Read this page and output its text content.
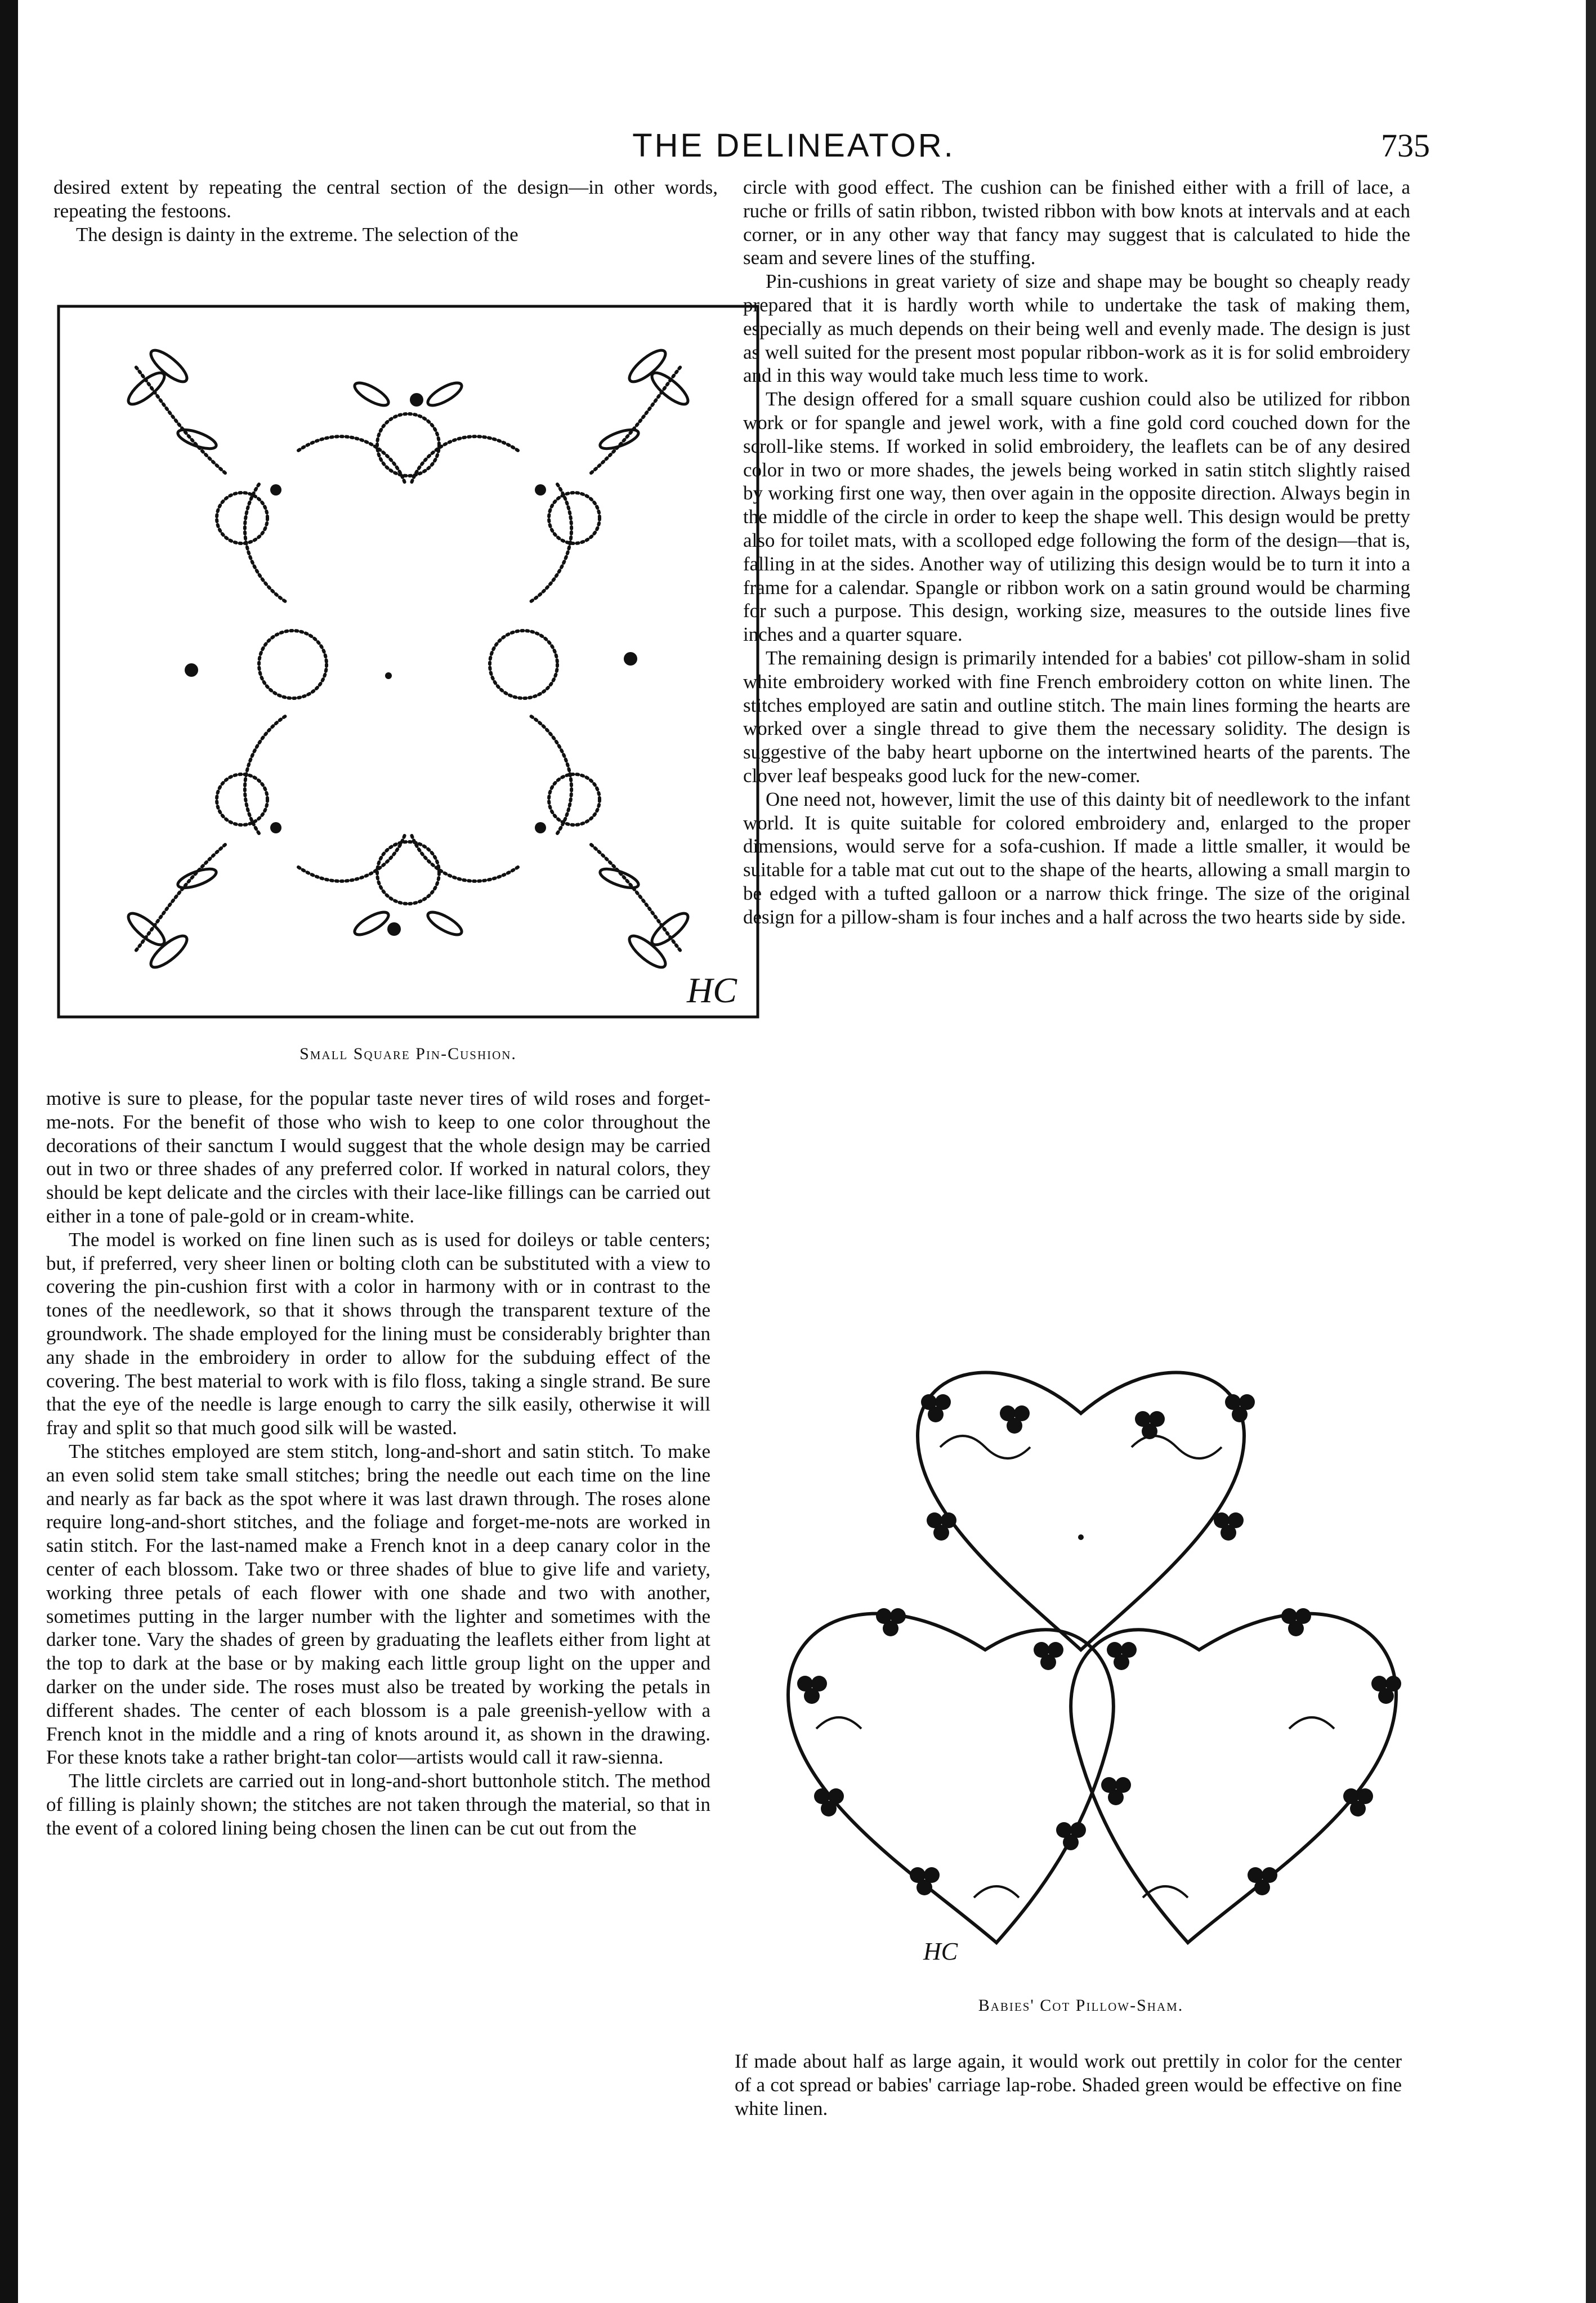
THE DELINEATOR.	735

desired extent by repeating the central section of the design—in other words, repeating the festoons.

The design is dainty in the extreme. The selection of the

HC
Small Square Pin-Cushion.

motive is sure to please, for the popular taste never tires of wild roses and forget-me-nots. For the benefit of those who wish to keep to one color throughout the decorations of their sanctum I would suggest that the whole design may be carried out in two or three shades of any preferred color. If worked in natural colors, they should be kept delicate and the circles with their lace-like fillings can be carried out either in a tone of pale-gold or in cream-white.

The model is worked on fine linen such as is used for doileys or table centers; but, if preferred, very sheer linen or bolting cloth can be substituted with a view to covering the pin-cushion first with a color in harmony with or in contrast to the tones of the needlework, so that it shows through the transparent texture of the groundwork. The shade employed for the lining must be considerably brighter than any shade in the embroidery in order to allow for the subduing effect of the covering. The best material to work with is filo floss, taking a single strand. Be sure that the eye of the needle is large enough to carry the silk easily, otherwise it will fray and split so that much good silk will be wasted.

The stitches employed are stem stitch, long-and-short and satin stitch. To make an even solid stem take small stitches; bring the needle out each time on the line and nearly as far back as the spot where it was last drawn through. The roses alone require long-and-short stitches, and the foliage and forget-me-nots are worked in satin stitch. For the last-named make a French knot in a deep canary color in the center of each blossom. Take two or three shades of blue to give life and variety, working three petals of each flower with one shade and two with another, sometimes putting in the larger number with the lighter and sometimes with the darker tone. Vary the shades of green by graduating the leaflets either from light at the top to dark at the base or by making each little group light on the upper and darker on the under side. The roses must also be treated by working the petals in different shades. The center of each blossom is a pale greenish-yellow with a French knot in the middle and a ring of knots around it, as shown in the drawing. For these knots take a rather bright-tan color—artists would call it raw-sienna.

The little circlets are carried out in long-and-short buttonhole stitch. The method of filling is plainly shown; the stitches are not taken through the material, so that in the event of a colored lining being chosen the linen can be cut out from the

circle with good effect. The cushion can be finished either with a frill of lace, a ruche or frills of satin ribbon, twisted ribbon with bow knots at intervals and at each corner, or in any other way that fancy may suggest that is calculated to hide the seam and severe lines of the stuffing.

Pin-cushions in great variety of size and shape may be bought so cheaply ready prepared that it is hardly worth while to undertake the task of making them, especially as much depends on their being well and evenly made. The design is just as well suited for the present most popular ribbon-work as it is for solid embroidery and in this way would take much less time to work.

The design offered for a small square cushion could also be utilized for ribbon work or for spangle and jewel work, with a fine gold cord couched down for the scroll-like stems. If worked in solid embroidery, the leaflets can be of any desired color in two or more shades, the jewels being worked in satin stitch slightly raised by working first one way, then over again in the opposite direction. Always begin in the middle of the circle in order to keep the shape well. This design would be pretty also for toilet mats, with a scolloped edge following the form of the design—that is, falling in at the sides. Another way of utilizing this design would be to turn it into a frame for a calendar. Spangle or ribbon work on a satin ground would be charming for such a purpose. This design, working size, measures to the outside lines five inches and a quarter square.

The remaining design is primarily intended for a babies' cot pillow-sham in solid white embroidery worked with fine French embroidery cotton on white linen. The stitches employed are satin and outline stitch. The main lines forming the hearts are worked over a single thread to give them the necessary solidity. The design is suggestive of the baby heart upborne on the intertwined hearts of the parents. The clover leaf bespeaks good luck for the new-comer.

One need not, however, limit the use of this dainty bit of needlework to the infant world. It is quite suitable for colored embroidery and, enlarged to the proper dimensions, would serve for a sofa-cushion. If made a little smaller, it would be suitable for a table mat cut out to the shape of the hearts, allowing a small margin to be edged with a tufted galloon or a narrow thick fringe. The size of the original design for a pillow-sham is four inches and a half across the two hearts side by side.

HC
Babies' Cot Pillow-Sham.

If made about half as large again, it would work out prettily in color for the center of a cot spread or babies' carriage lap-robe. Shaded green would be effective on fine white linen.
